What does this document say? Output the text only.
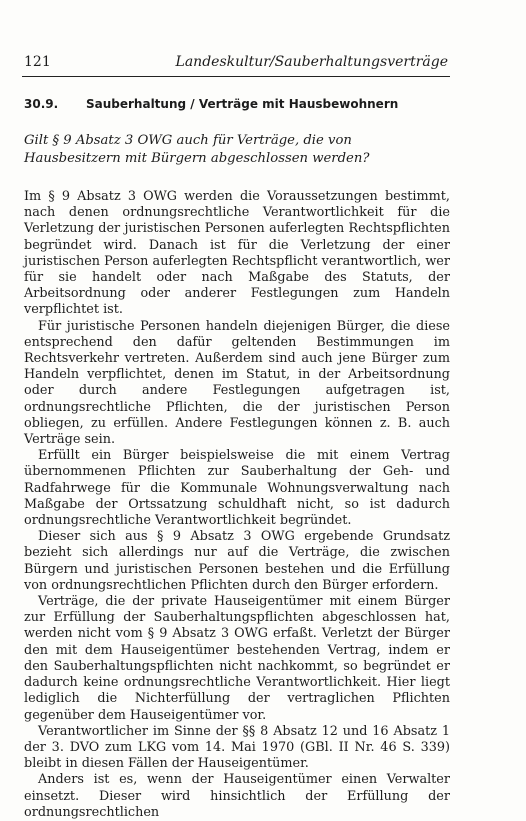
121	Landeskultur/Sauberhaltungsverträge
30.9.	Sauberhaltung / Verträge mit Hausbewohnern
Gilt § 9 Absatz 3 OWG auch für Verträge, die von Hausbesitzern mit Bürgern abgeschlossen werden?

Im § 9 Absatz 3 OWG werden die Voraussetzungen bestimmt, nach denen ordnungsrechtliche Verantwortlichkeit für die Verletzung der juristischen Personen auferlegten Rechtspflichten begründet wird. Danach ist für die Verletzung der einer juristischen Person auferlegten Rechtspflicht verantwortlich, wer für sie handelt oder nach Maßgabe des Statuts, der Arbeitsordnung oder anderer Festlegungen zum Handeln verpflichtet ist.

Für juristische Personen handeln diejenigen Bürger, die diese entsprechend den dafür geltenden Bestimmungen im Rechtsverkehr vertreten. Außerdem sind auch jene Bürger zum Handeln verpflichtet, denen im Statut, in der Arbeitsordnung oder durch andere Festlegungen aufgetragen ist, ordnungsrechtliche Pflichten, die der juristischen Person obliegen, zu erfüllen. Andere Festlegungen können z. B. auch Verträge sein.

Erfüllt ein Bürger beispielsweise die mit einem Vertrag übernommenen Pflichten zur Sauberhaltung der Geh- und Radfahrwege für die Kommunale Wohnungsverwaltung nach Maßgabe der Ortssatzung schuldhaft nicht, so ist dadurch ordnungsrechtliche Verantwortlichkeit begründet.

Dieser sich aus § 9 Absatz 3 OWG ergebende Grundsatz bezieht sich allerdings nur auf die Verträge, die zwischen Bürgern und juristischen Personen bestehen und die Erfüllung von ordnungsrechtlichen Pflichten durch den Bürger erfordern.

Verträge, die der private Hauseigentümer mit einem Bürger zur Erfüllung der Sauberhaltungspflichten abgeschlossen hat, werden nicht vom § 9 Absatz 3 OWG erfaßt. Verletzt der Bürger den mit dem Hauseigentümer bestehenden Vertrag, indem er den Sauberhaltungspflichten nicht nachkommt, so begründet er dadurch keine ordnungsrechtliche Verantwortlichkeit. Hier liegt lediglich die Nichterfüllung der vertraglichen Pflichten gegenüber dem Hauseigentümer vor.

Verantwortlicher im Sinne der §§ 8 Absatz 12 und 16 Absatz 1 der 3. DVO zum LKG vom 14. Mai 1970 (GBl. II Nr. 46 S. 339) bleibt in diesen Fällen der Hauseigentümer.

Anders ist es, wenn der Hauseigentümer einen Verwalter einsetzt. Dieser wird hinsichtlich der Erfüllung der ordnungsrechtlichen
